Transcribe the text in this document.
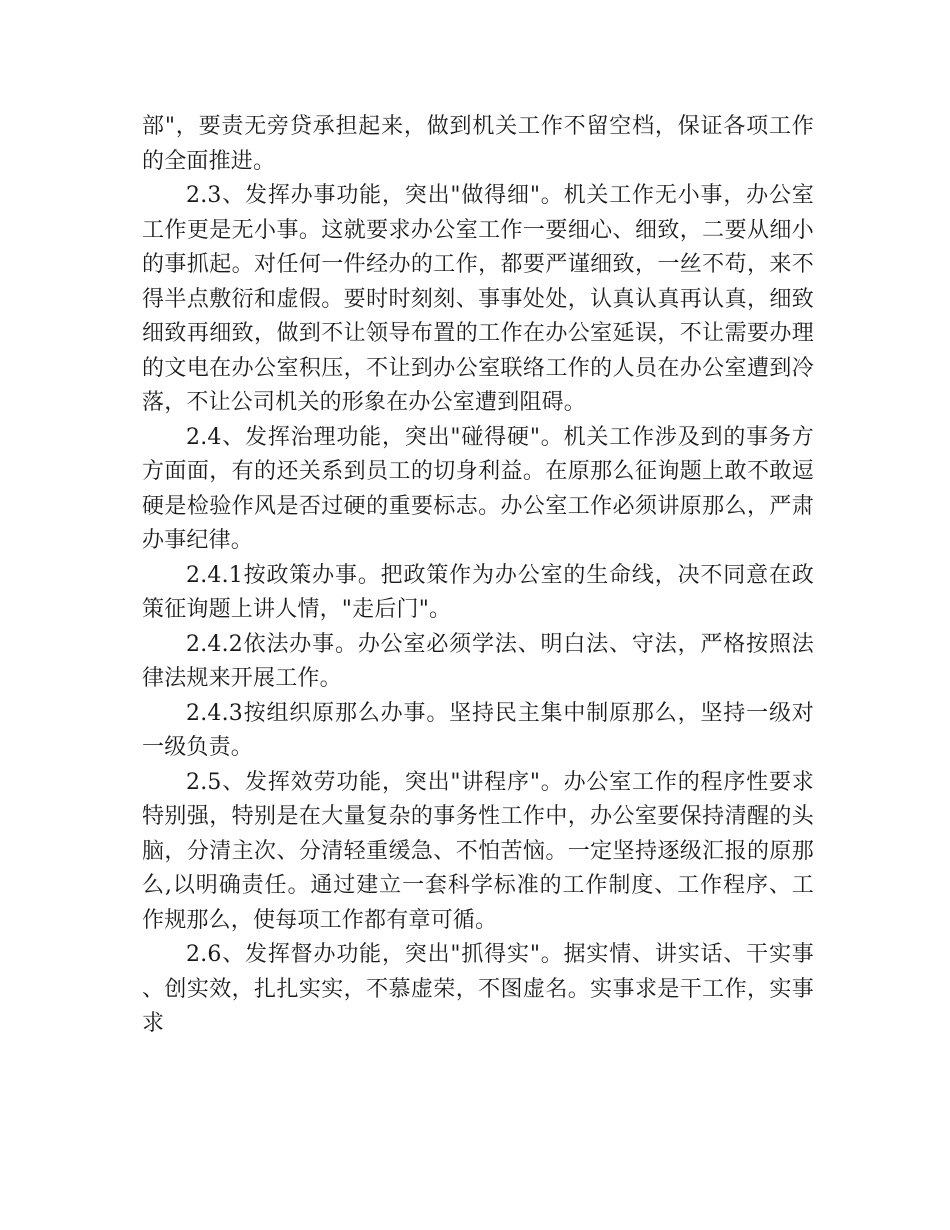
部"，要责无旁贷承担起来，做到机关工作不留空档，保证各项工作的全面推进。

2.3、发挥办事功能，突出"做得细"。机关工作无小事，办公室工作更是无小事。这就要求办公室工作一要细心、细致，二要从细小的事抓起。对任何一件经办的工作，都要严谨细致，一丝不苟，来不得半点敷衍和虚假。要时时刻刻、事事处处，认真认真再认真，细致细致再细致，做到不让领导布置的工作在办公室延误，不让需要办理的文电在办公室积压，不让到办公室联络工作的人员在办公室遭到冷落，不让公司机关的形象在办公室遭到阻碍。

2.4、发挥治理功能，突出"碰得硬"。机关工作涉及到的事务方方面面，有的还关系到员工的切身利益。在原那么征询题上敢不敢逗硬是检验作风是否过硬的重要标志。办公室工作必须讲原那么，严肃办事纪律。

2.4.1按政策办事。把政策作为办公室的生命线，决不同意在政策征询题上讲人情，"走后门"。

2.4.2依法办事。办公室必须学法、明白法、守法，严格按照法律法规来开展工作。

2.4.3按组织原那么办事。坚持民主集中制原那么，坚持一级对一级负责。

2.5、发挥效劳功能，突出"讲程序"。办公室工作的程序性要求特别强，特别是在大量复杂的事务性工作中，办公室要保持清醒的头脑，分清主次、分清轻重缓急、不怕苦恼。一定坚持逐级汇报的原那么,以明确责任。通过建立一套科学标准的工作制度、工作程序、工作规那么，使每项工作都有章可循。

2.6、发挥督办功能，突出"抓得实"。据实情、讲实话、干实事、创实效，扎扎实实，不慕虚荣，不图虚名。实事求是干工作，实事求
